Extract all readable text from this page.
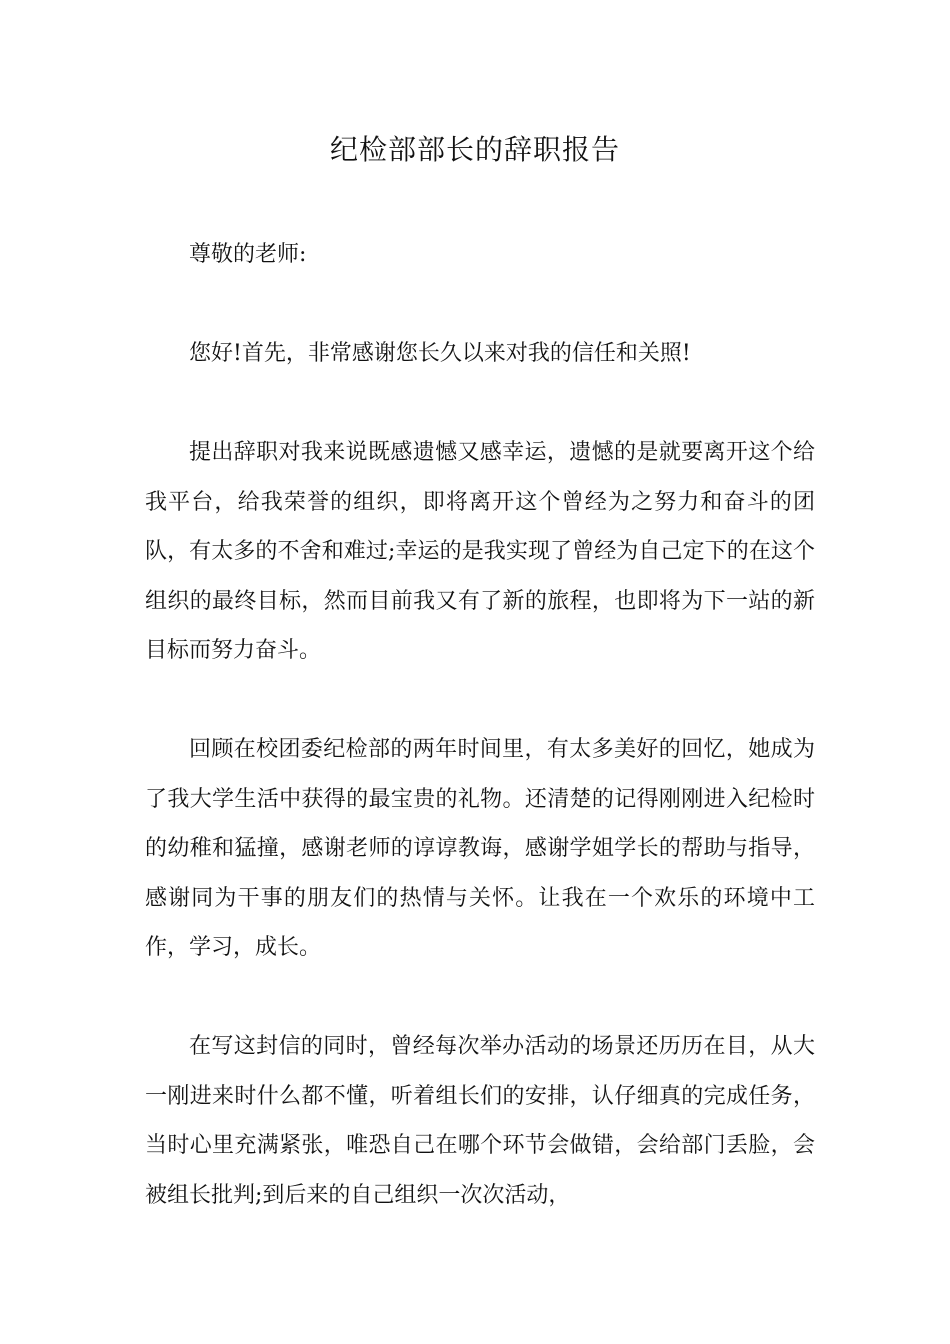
纪检部部长的辞职报告

尊敬的老师:

您好!首先，非常感谢您长久以来对我的信任和关照!

提出辞职对我来说既感遗憾又感幸运，遗憾的是就要离开这个给我平台，给我荣誉的组织，即将离开这个曾经为之努力和奋斗的团队，有太多的不舍和难过;幸运的是我实现了曾经为自己定下的在这个组织的最终目标，然而目前我又有了新的旅程，也即将为下一站的新目标而努力奋斗。

回顾在校团委纪检部的两年时间里，有太多美好的回忆，她成为了我大学生活中获得的最宝贵的礼物。还清楚的记得刚刚进入纪检时的幼稚和猛撞，感谢老师的谆谆教诲，感谢学姐学长的帮助与指导，感谢同为干事的朋友们的热情与关怀。让我在一个欢乐的环境中工作，学习，成长。

在写这封信的同时，曾经每次举办活动的场景还历历在目，从大一刚进来时什么都不懂，听着组长们的安排，认仔细真的完成任务，当时心里充满紧张，唯恐自己在哪个环节会做错，会给部门丢脸，会被组长批判;到后来的自己组织一次次活动，
